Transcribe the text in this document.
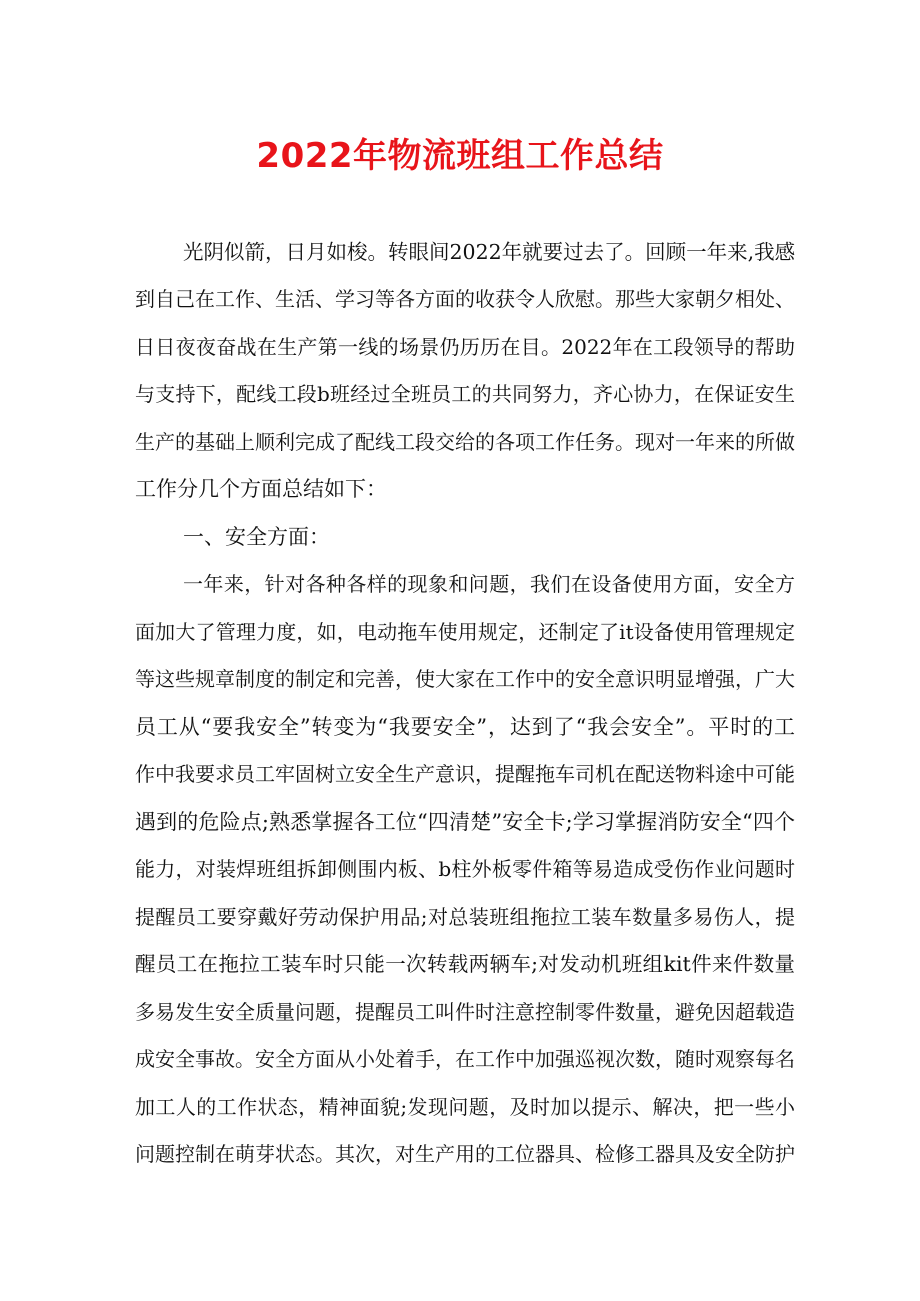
2022年物流班组工作总结

光阴似箭，日月如梭。转眼间2022年就要过去了。回顾一年来,我感

到自己在工作、生活、学习等各方面的收获令人欣慰。那些大家朝夕相处、

日日夜夜奋战在生产第一线的场景仍历历在目。2022年在工段领导的帮助

与支持下，配线工段b班经过全班员工的共同努力，齐心协力，在保证安生

生产的基础上顺利完成了配线工段交给的各项工作任务。现对一年来的所做

工作分几个方面总结如下：

一、安全方面：

一年来，针对各种各样的现象和问题，我们在设备使用方面，安全方

面加大了管理力度，如，电动拖车使用规定，还制定了it设备使用管理规定

等这些规章制度的制定和完善，使大家在工作中的安全意识明显增强，广大

员工从“要我安全”转变为“我要安全”，达到了“我会安全”。平时的工

作中我要求员工牢固树立安全生产意识，提醒拖车司机在配送物料途中可能

遇到的危险点;熟悉掌握各工位“四清楚”安全卡;学习掌握消防安全“四个

能力，对装焊班组拆卸侧围内板、b柱外板零件箱等易造成受伤作业问题时

提醒员工要穿戴好劳动保护用品;对总装班组拖拉工装车数量多易伤人，提

醒员工在拖拉工装车时只能一次转载两辆车;对发动机班组kit件来件数量

多易发生安全质量问题，提醒员工叫件时注意控制零件数量，避免因超载造

成安全事故。安全方面从小处着手，在工作中加强巡视次数，随时观察每名

加工人的工作状态，精神面貌;发现问题，及时加以提示、解决，把一些小

问题控制在萌芽状态。其次，对生产用的工位器具、检修工器具及安全防护
